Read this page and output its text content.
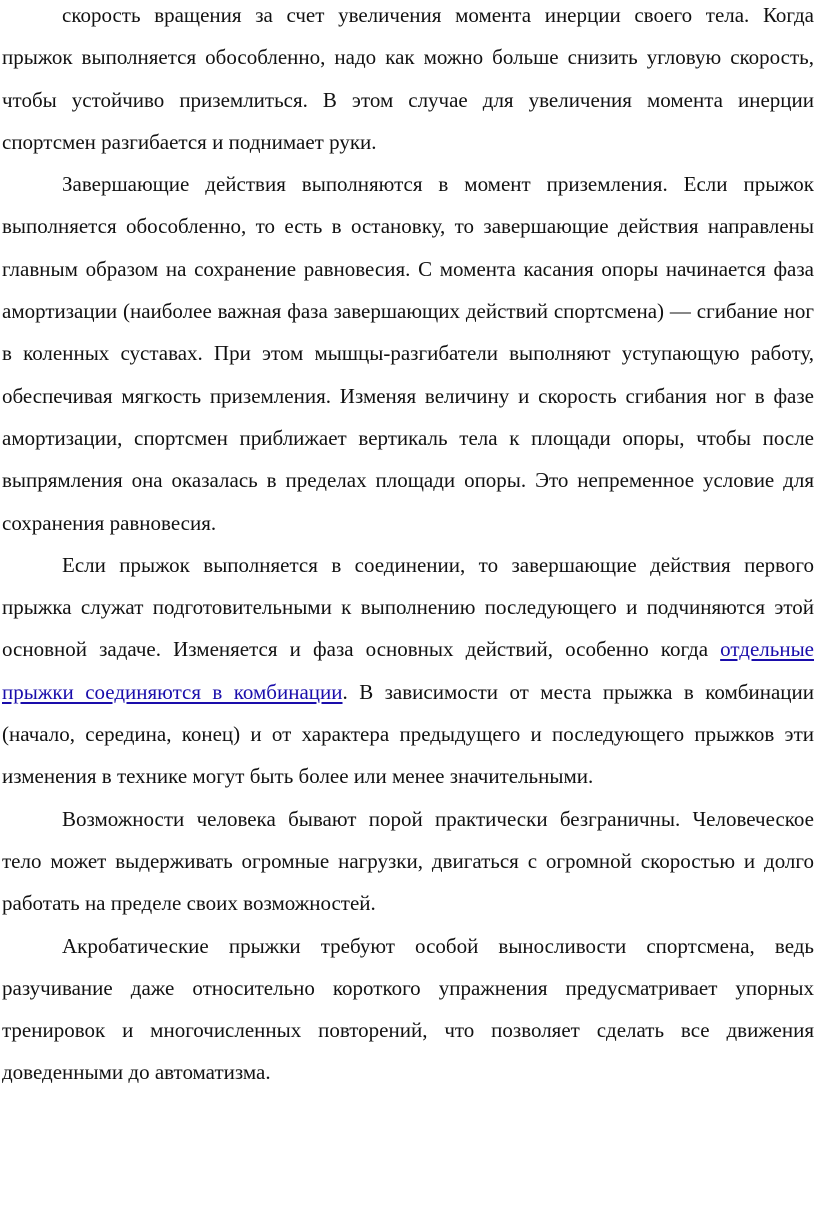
скорость вращения за счет увеличения момента инерции своего тела. Когда прыжок выполняется обособленно, надо как можно больше снизить угловую скорость, чтобы устойчиво приземлиться. В этом случае для увеличения момента инерции спортсмен разгибается и поднимает руки.

Завершающие действия выполняются в момент приземления. Если прыжок выполняется обособленно, то есть в остановку, то завершающие действия направлены главным образом на сохранение равновесия. С момента касания опоры начинается фаза амортизации (наиболее важная фаза завершающих действий спортсмена) — сгибание ног в коленных суставах. При этом мышцы-разгибатели выполняют уступающую работу, обеспечивая мягкость приземления. Изменяя величину и скорость сгибания ног в фазе амортизации, спортсмен приближает вертикаль тела к площади опоры, чтобы после выпрямления она оказалась в пределах площади опоры. Это непременное условие для сохранения равновесия.

Если прыжок выполняется в соединении, то завершающие действия первого прыжка служат подготовительными к выполнению последующего и подчиняются этой основной задаче. Изменяется и фаза основных действий, особенно когда отдельные прыжки соединяются в комбинации. В зависимости от места прыжка в комбинации (начало, середина, конец) и от характера предыдущего и последующего прыжков эти изменения в технике могут быть более или менее значительными.

Возможности человека бывают порой практически безграничны. Человеческое тело может выдерживать огромные нагрузки, двигаться с огромной скоростью и долго работать на пределе своих возможностей.

Акробатические прыжки требуют особой выносливости спортсмена, ведь разучивание даже относительно короткого упражнения предусматривает упорных тренировок и многочисленных повторений, что позволяет сделать все движения доведенными до автоматизма.
